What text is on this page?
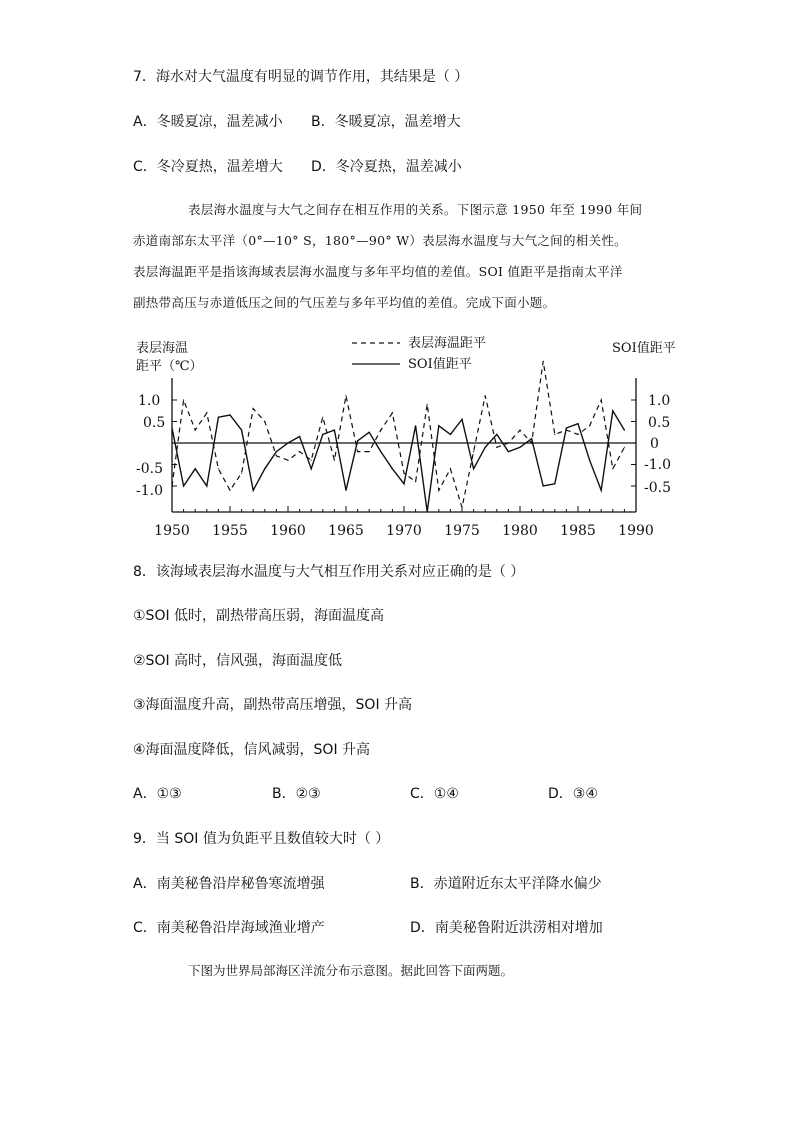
7．海水对大气温度有明显的调节作用，其结果是（ ）
A．冬暖夏凉，温差减小 B．冬暖夏凉，温差增大
C．冬冷夏热，温差增大 D．冬冷夏热，温差减小
表层海水温度与大气之间存在相互作用的关系。下图示意 1950 年至 1990 年间
赤道南部东太平洋（0°—10° S，180°—90° W）表层海水温度与大气之间的相关性。
表层海温距平是指该海域表层海水温度与多年平均值的差值。SOI 值距平是指南太平洋
副热带高压与赤道低压之间的气压差与多年平均值的差值。完成下面小题。
表层海温
距平（℃）
SOI值距平
表层海温距平
SOI值距平
1.0
0.5
-0.5
-1.0
1.0
0.5
0
-1.0
-0.5
1950 1955 1960 1965 1970 1975 1980 1985 1990
8．该海域表层海水温度与大气相互作用关系对应正确的是（ ）
①SOI 低时，副热带高压弱，海面温度高
②SOI 高时，信风强，海面温度低
③海面温度升高，副热带高压增强，SOI 升高
④海面温度降低，信风减弱，SOI 升高
A．①③	B．②③	C．①④	D．③④
9．当 SOI 值为负距平且数值较大时（ ）
A．南美秘鲁沿岸秘鲁寒流增强	B．赤道附近东太平洋降水偏少
C．南美秘鲁沿岸海域渔业增产	D．南美秘鲁附近洪涝相对增加
下图为世界局部海区洋流分布示意图。据此回答下面两题。
